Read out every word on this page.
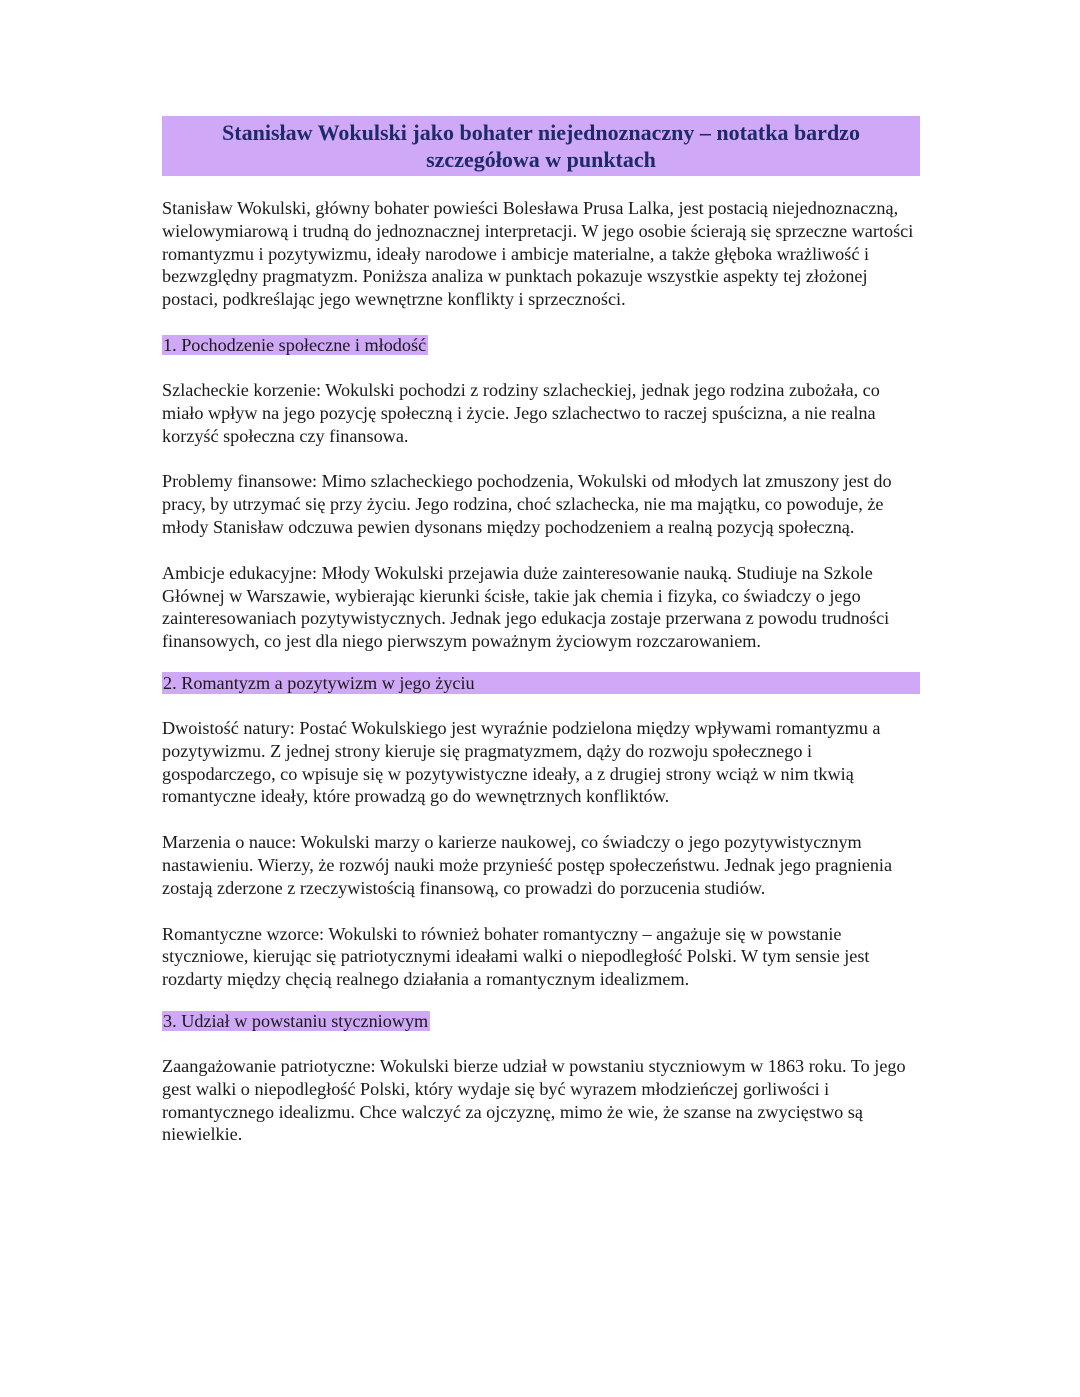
Stanisław Wokulski jako bohater niejednoznaczny – notatka bardzo szczegółowa w punktach

Stanisław Wokulski, główny bohater powieści Bolesława Prusa Lalka, jest postacią niejednoznaczną, wielowymiarową i trudną do jednoznacznej interpretacji. W jego osobie ścierają się sprzeczne wartości romantyzmu i pozytywizmu, ideały narodowe i ambicje materialne, a także głęboka wrażliwość i bezwzględny pragmatyzm. Poniższa analiza w punktach pokazuje wszystkie aspekty tej złożonej postaci, podkreślając jego wewnętrzne konflikty i sprzeczności.

1. Pochodzenie społeczne i młodość

Szlacheckie korzenie: Wokulski pochodzi z rodziny szlacheckiej, jednak jego rodzina zubożała, co miało wpływ na jego pozycję społeczną i życie. Jego szlachectwo to raczej spuścizna, a nie realna korzyść społeczna czy finansowa.

Problemy finansowe: Mimo szlacheckiego pochodzenia, Wokulski od młodych lat zmuszony jest do pracy, by utrzymać się przy życiu. Jego rodzina, choć szlachecka, nie ma majątku, co powoduje, że młody Stanisław odczuwa pewien dysonans między pochodzeniem a realną pozycją społeczną.

Ambicje edukacyjne: Młody Wokulski przejawia duże zainteresowanie nauką. Studiuje na Szkole Głównej w Warszawie, wybierając kierunki ścisłe, takie jak chemia i fizyka, co świadczy o jego zainteresowaniach pozytywistycznych. Jednak jego edukacja zostaje przerwana z powodu trudności finansowych, co jest dla niego pierwszym poważnym życiowym rozczarowaniem.

2. Romantyzm a pozytywizm w jego życiu

Dwoistość natury: Postać Wokulskiego jest wyraźnie podzielona między wpływami romantyzmu a pozytywizmu. Z jednej strony kieruje się pragmatyzmem, dąży do rozwoju społecznego i gospodarczego, co wpisuje się w pozytywistyczne ideały, a z drugiej strony wciąż w nim tkwią romantyczne ideały, które prowadzą go do wewnętrznych konfliktów.

Marzenia o nauce: Wokulski marzy o karierze naukowej, co świadczy o jego pozytywistycznym nastawieniu. Wierzy, że rozwój nauki może przynieść postęp społeczeństwu. Jednak jego pragnienia zostają zderzone z rzeczywistością finansową, co prowadzi do porzucenia studiów.

Romantyczne wzorce: Wokulski to również bohater romantyczny – angażuje się w powstanie styczniowe, kierując się patriotycznymi ideałami walki o niepodległość Polski. W tym sensie jest rozdarty między chęcią realnego działania a romantycznym idealizmem.

3. Udział w powstaniu styczniowym

Zaangażowanie patriotyczne: Wokulski bierze udział w powstaniu styczniowym w 1863 roku. To jego gest walki o niepodległość Polski, który wydaje się być wyrazem młodzieńczej gorliwości i romantycznego idealizmu. Chce walczyć za ojczyznę, mimo że wie, że szanse na zwycięstwo są niewielkie.
